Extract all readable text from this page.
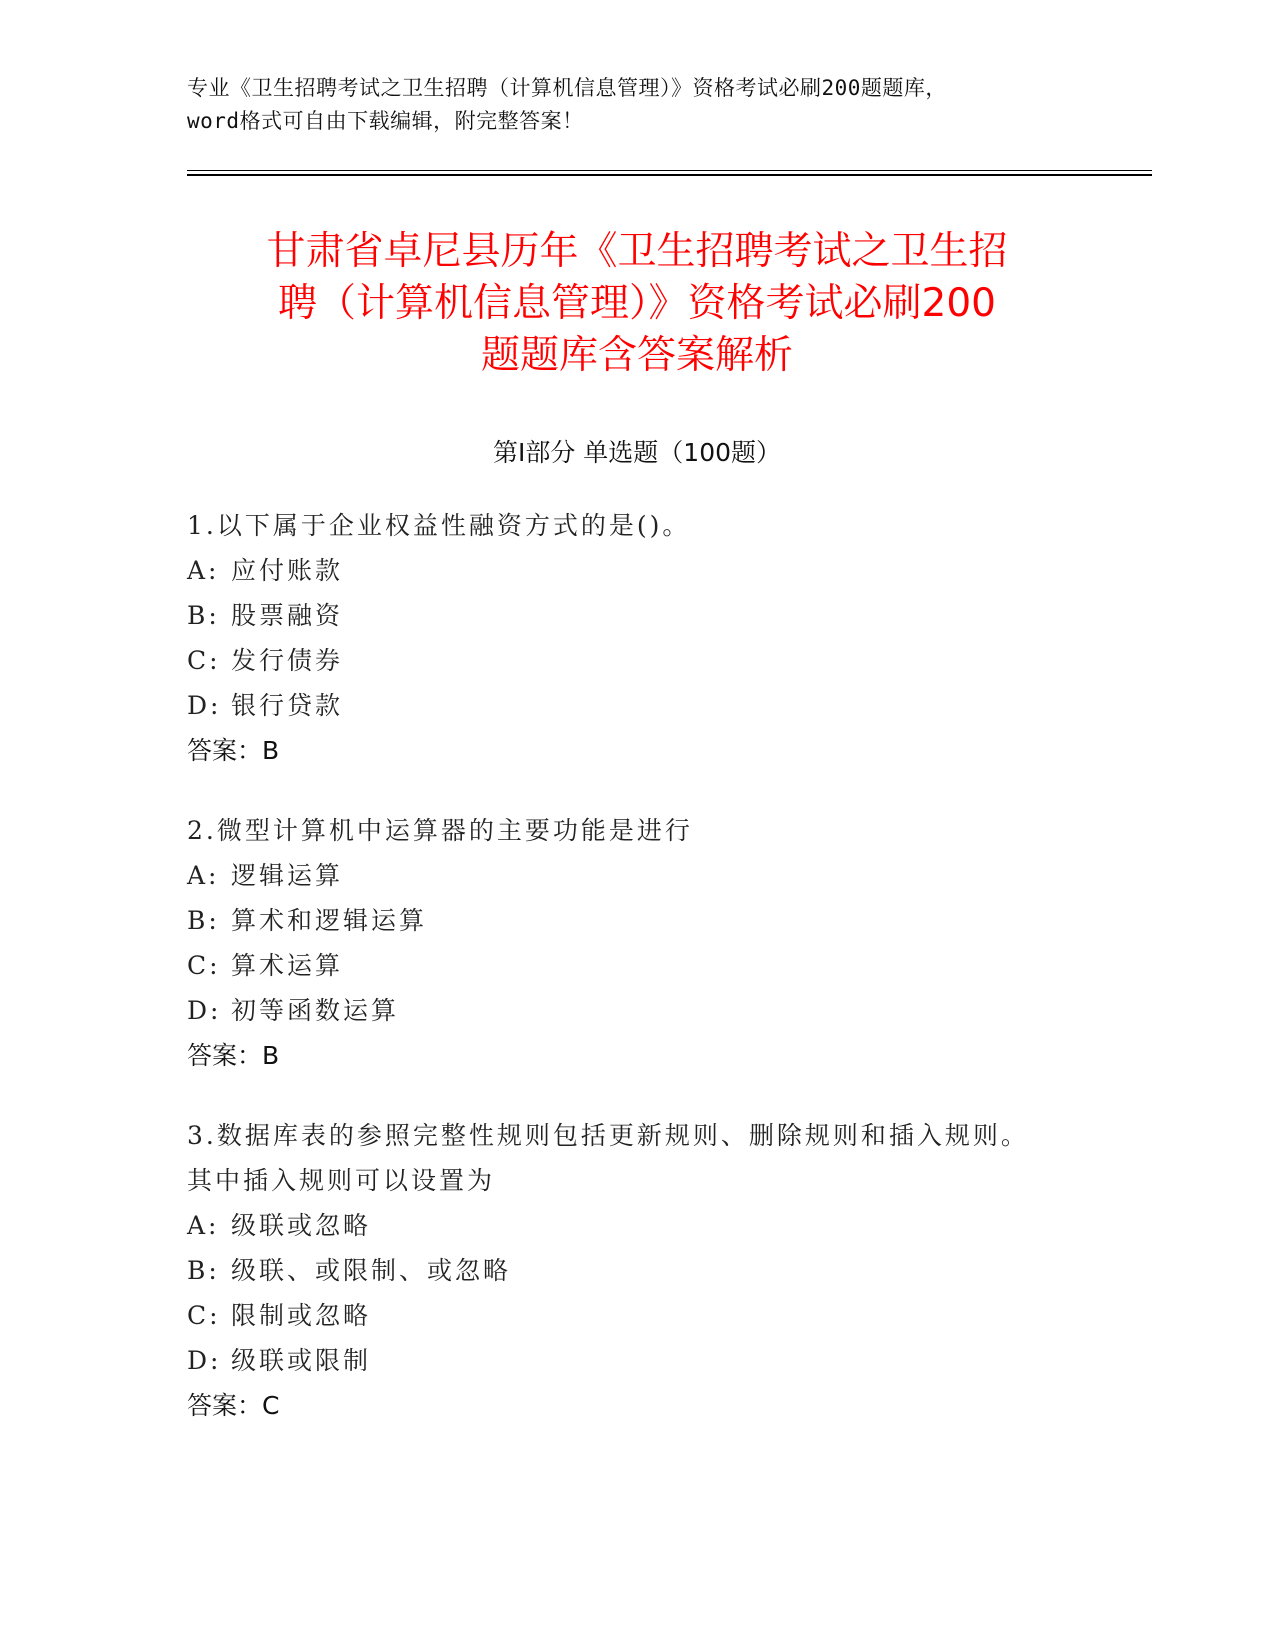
专业《卫生招聘考试之卫生招聘（计算机信息管理）》资格考试必刷200题题库，
word格式可自由下载编辑，附完整答案！
甘肃省卓尼县历年《卫生招聘考试之卫生招
聘（计算机信息管理）》资格考试必刷200
题题库含答案解析
第Ⅰ部分 单选题（100题）
1.以下属于企业权益性融资方式的是()。
A: 应付账款
B: 股票融资
C: 发行债券
D: 银行贷款
答案：B
2.微型计算机中运算器的主要功能是进行
A: 逻辑运算
B: 算术和逻辑运算
C: 算术运算
D: 初等函数运算
答案：B
3.数据库表的参照完整性规则包括更新规则、删除规则和插入规则。
其中插入规则可以设置为
A: 级联或忽略
B: 级联、或限制、或忽略
C: 限制或忽略
D: 级联或限制
答案：C
